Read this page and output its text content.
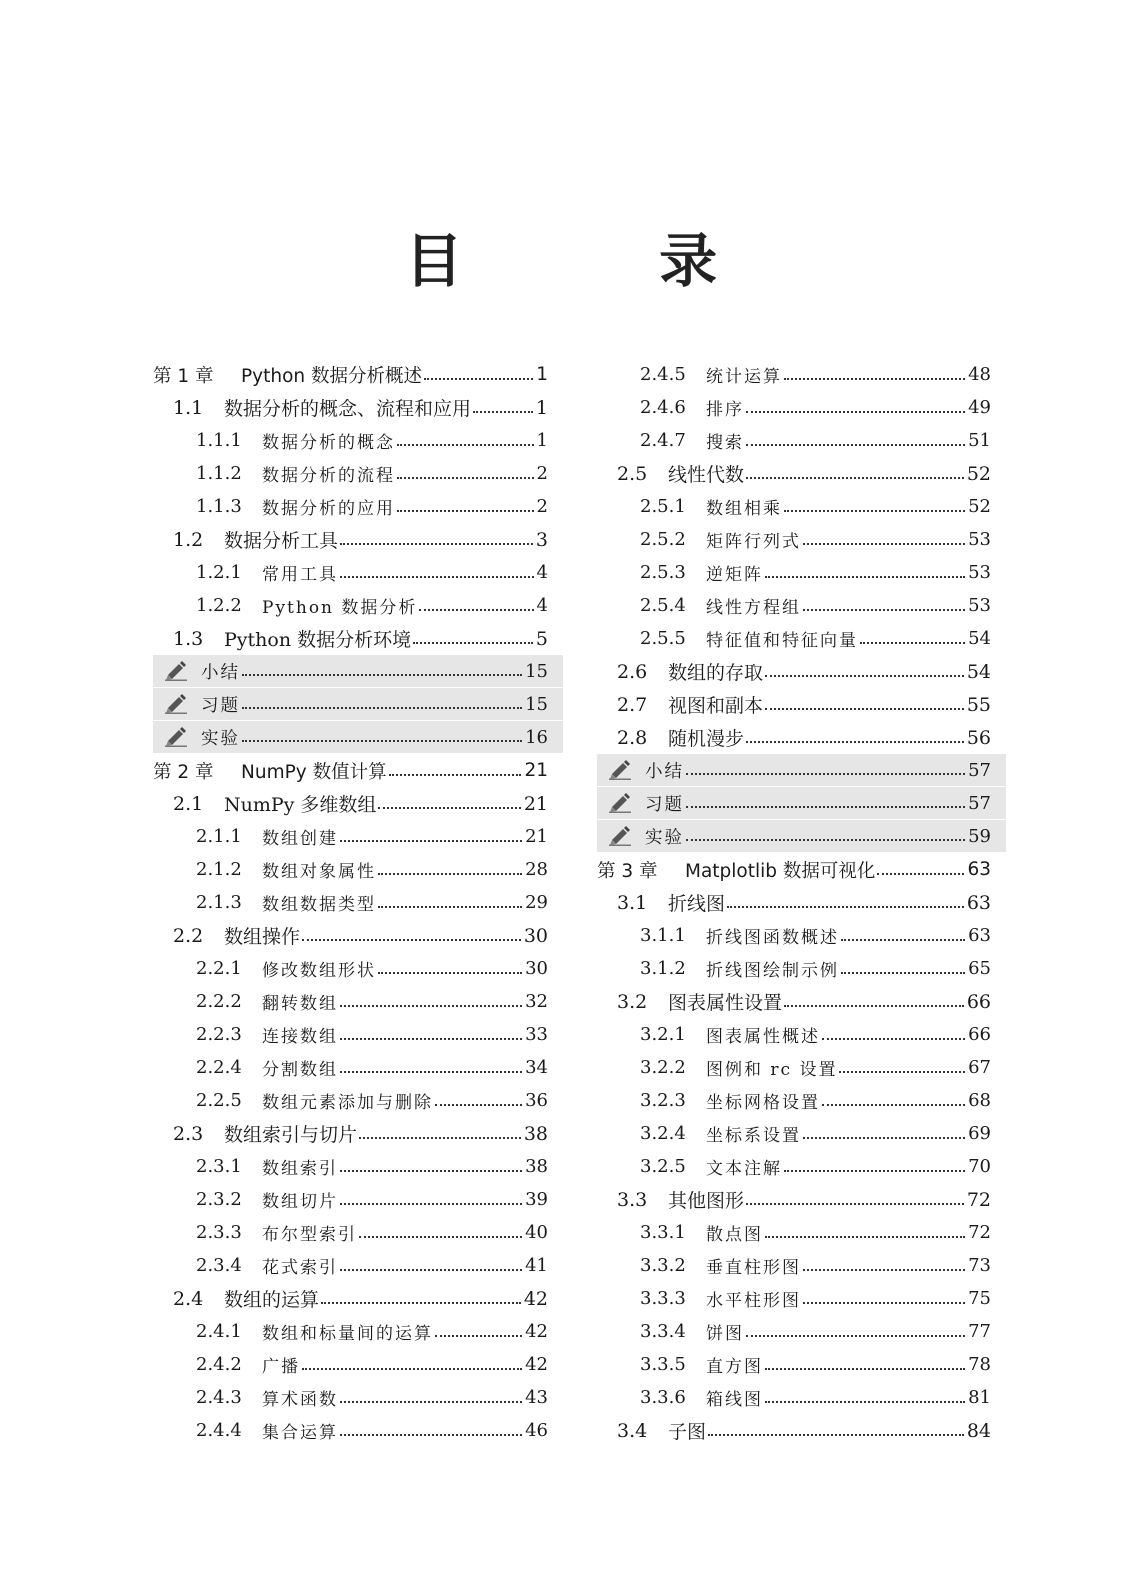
目 录
第 1 章	Python 数据分析概述	1
1.1	数据分析的概念、流程和应用	1
1.1.1	数据分析的概念	1
1.1.2	数据分析的流程	2
1.1.3	数据分析的应用	2
1.2	数据分析工具	3
1.2.1	常用工具	4
1.2.2	Python 数据分析	4
1.3	Python 数据分析环境	5
小结	15
习题	15
实验	16
第 2 章	NumPy 数值计算	21
2.1	NumPy 多维数组	21
2.1.1	数组创建	21
2.1.2	数组对象属性	28
2.1.3	数组数据类型	29
2.2	数组操作	30
2.2.1	修改数组形状	30
2.2.2	翻转数组	32
2.2.3	连接数组	33
2.2.4	分割数组	34
2.2.5	数组元素添加与删除	36
2.3	数组索引与切片	38
2.3.1	数组索引	38
2.3.2	数组切片	39
2.3.3	布尔型索引	40
2.3.4	花式索引	41
2.4	数组的运算	42
2.4.1	数组和标量间的运算	42
2.4.2	广播	42
2.4.3	算术函数	43
2.4.4	集合运算	46
2.4.5	统计运算	48
2.4.6	排序	49
2.4.7	搜索	51
2.5	线性代数	52
2.5.1	数组相乘	52
2.5.2	矩阵行列式	53
2.5.3	逆矩阵	53
2.5.4	线性方程组	53
2.5.5	特征值和特征向量	54
2.6	数组的存取	54
2.7	视图和副本	55
2.8	随机漫步	56
小结	57
习题	57
实验	59
第 3 章	Matplotlib 数据可视化	63
3.1	折线图	63
3.1.1	折线图函数概述	63
3.1.2	折线图绘制示例	65
3.2	图表属性设置	66
3.2.1	图表属性概述	66
3.2.2	图例和 rc 设置	67
3.2.3	坐标网格设置	68
3.2.4	坐标系设置	69
3.2.5	文本注解	70
3.3	其他图形	72
3.3.1	散点图	72
3.3.2	垂直柱形图	73
3.3.3	水平柱形图	75
3.3.4	饼图	77
3.3.5	直方图	78
3.3.6	箱线图	81
3.4	子图	84
